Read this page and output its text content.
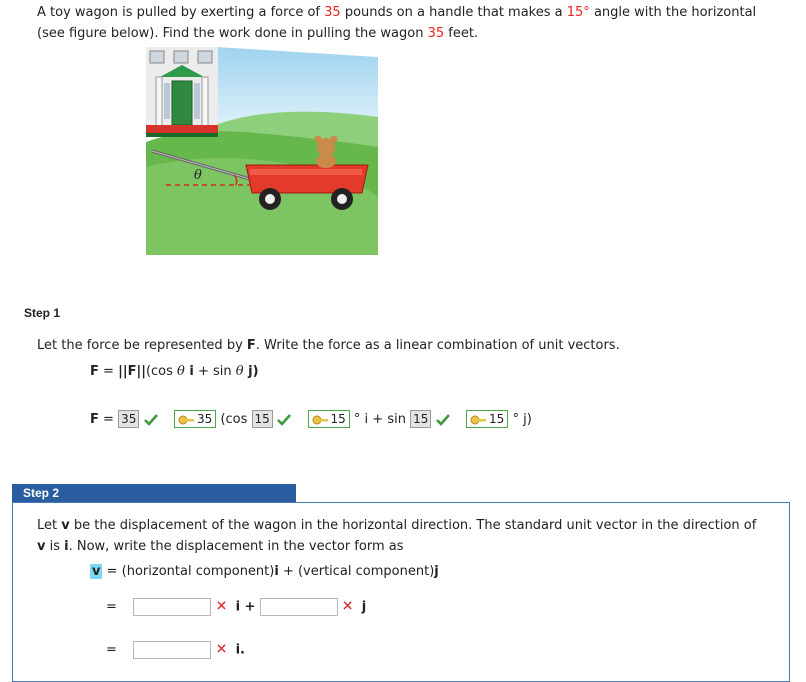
A toy wagon is pulled by exerting a force of 35 pounds on a handle that makes a 15° angle with the horizontal (see figure below). Find the work done in pulling the wagon 35 feet.
θ
Step 1
Let the force be represented by F. Write the force as a linear combination of unit vectors.
F = ||F||(cos θ i + sin θ j)
F = 35	35 (cos 15	15 ° i + sin 15	15 ° j)
Step 2
Let v be the displacement of the wagon in the horizontal direction. The standard unit vector in the direction of
v is i. Now, write the displacement in the vector form as
v = (horizontal component)i + (vertical component)j
=	✕ i +	✕ j
=	✕ i.
